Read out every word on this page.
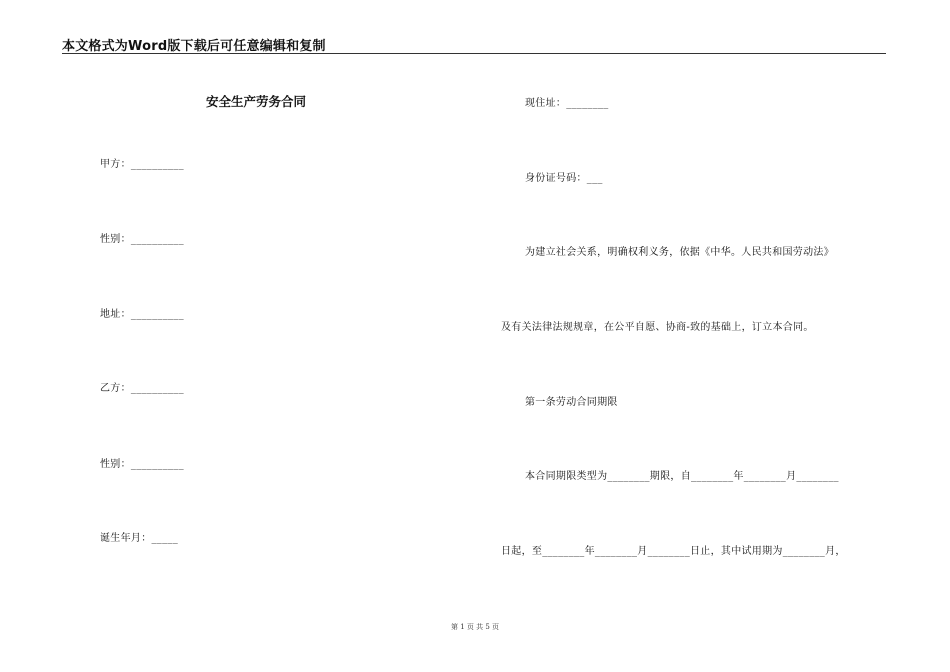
本文格式为Word版下载后可任意编辑和复制
安全生产劳务合同
甲方：__________
性别：__________
地址：__________
乙方：__________
性别：__________
诞生年月：_____
现住址：________
身份证号码：___
为建立社会关系，明确权利义务，依据《中华。人民共和国劳动法》
及有关法律法规规章，在公平自愿、协商-致的基础上，订立本合同。
第一条劳动合同期限
本合同期限类型为________期限，自________年________月________
日起，至________年________月________日止，其中试用期为________月，
第 1 页 共 5 页
